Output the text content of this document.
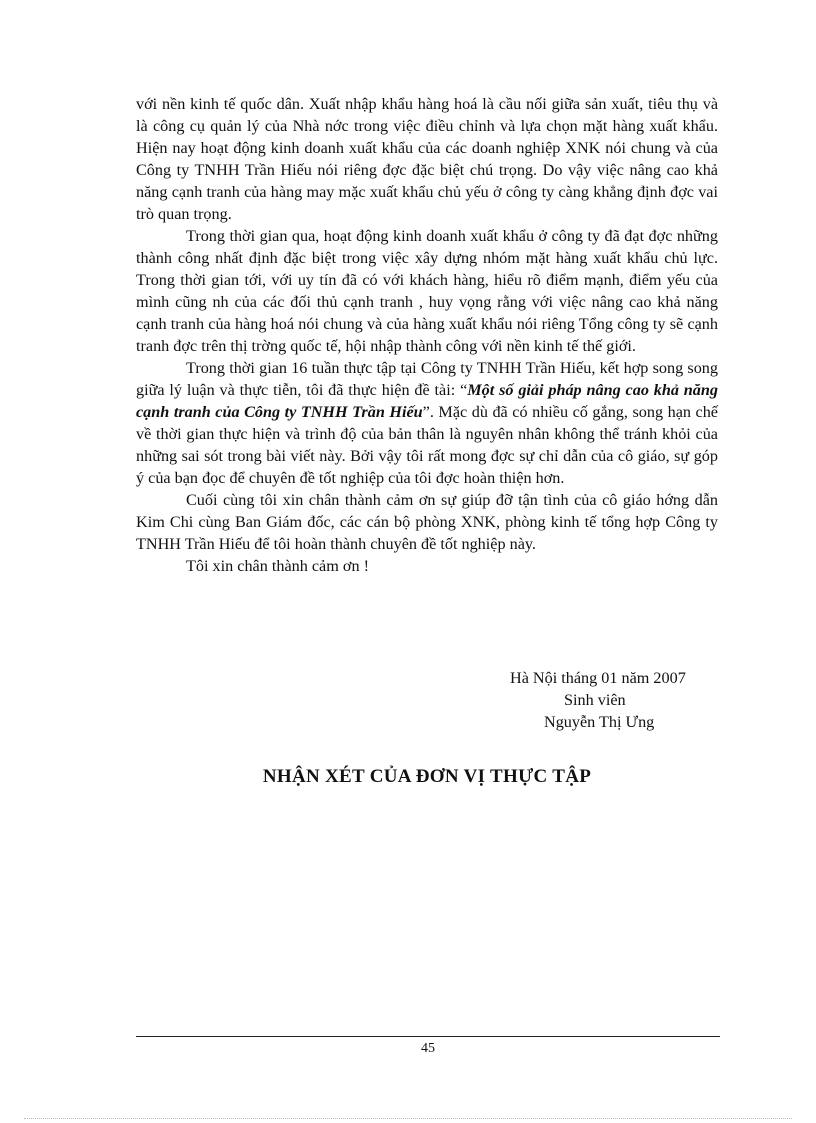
với nền kinh tế quốc dân. Xuất nhập khẩu hàng hoá là cầu nối giữa sản xuất, tiêu thụ và là công cụ quản lý của Nhà nớc trong việc điều chỉnh và lựa chọn mặt hàng xuất khẩu. Hiện nay hoạt động kinh doanh xuất khẩu của các doanh nghiệp XNK nói chung và của Công ty TNHH Trần Hiếu nói riêng đợc đặc biệt chú trọng. Do vậy việc nâng cao khả năng cạnh tranh của hàng may mặc xuất khẩu chủ yếu ở công ty càng khẳng định đợc vai trò quan trọng.

Trong thời gian qua, hoạt động kinh doanh xuất khẩu ở công ty đã đạt đợc những thành công nhất định đặc biệt trong việc xây dựng nhóm mặt hàng xuất khẩu chủ lực. Trong thời gian tới, với uy tín đã có với khách hàng, hiểu rõ điểm mạnh, điểm yếu của mình cũng nh của các đối thủ cạnh tranh , huy vọng rằng với việc nâng cao khả năng cạnh tranh của hàng hoá nói chung và của hàng xuất khẩu nói riêng Tổng công ty sẽ cạnh tranh đợc trên thị trờng quốc tế, hội nhập thành công với nền kinh tế thế giới.

Trong thời gian 16 tuần thực tập tại Công ty TNHH Trần Hiếu, kết hợp song song giữa lý luận và thực tiễn, tôi đã thực hiện đề tài: “Một số giải pháp nâng cao khả năng cạnh tranh của Công ty TNHH Trần Hiếu”. Mặc dù đã có nhiều cố gắng, song hạn chế về thời gian thực hiện và trình độ của bản thân là nguyên nhân không thể tránh khỏi của những sai sót trong bài viết này. Bởi vậy tôi rất mong đợc sự chỉ dẫn của cô giáo, sự góp ý của bạn đọc để chuyên đề tốt nghiệp của tôi đợc hoàn thiện hơn.

Cuối cùng tôi xin chân thành cảm ơn sự giúp đỡ tận tình của cô giáo hớng dẫn Kim Chi cùng Ban Giám đốc, các cán bộ phòng XNK, phòng kinh tế tổng hợp Công ty TNHH Trần Hiếu để tôi hoàn thành chuyên đề tốt nghiệp này.

Tôi xin chân thành cảm ơn !

Hà Nội tháng 01 năm 2007
Sinh viên
Nguyễn Thị Ưng
NHẬN XÉT CỦA ĐƠN VỊ THỰC TẬP
45
